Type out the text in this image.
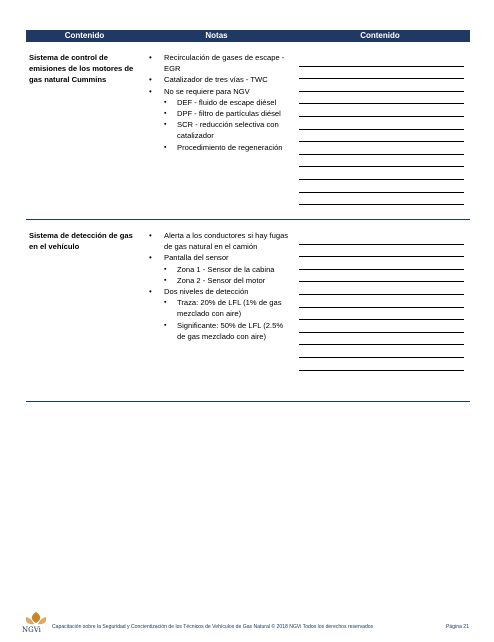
Contenido	Notas	Contenido
Sistema de control de emisiones de los motores de gas natural Cummins
• Recirculación de gases de escape - EGR
• Catalizador de tres vías - TWC
• No se requiere para NGV
▪ DEF - fluido de escape diésel
▪ DPF - filtro de partículas diésel
▪ SCR - reducción selectiva con catalizador
▪ Procedimiento de regeneración
Sistema de detección de gas en el vehículo
• Alerta a los conductores si hay fugas de gas natural en el camión
• Pantalla del sensor
▪ Zona 1 - Sensor de la cabina
▪ Zona 2 - Sensor del motor
• Dos niveles de detección
▪ Traza: 20% de LFL (1% de gas mezclado con aire)
▪ Significante: 50% de LFL (2.5% de gas mezclado con aire)
NGVi Capacitación sobre la Seguridad y Concientización de los Técnicos de Vehículos de Gas Natural © 2018 NGVi Todos los derechos reservados	Página 21
